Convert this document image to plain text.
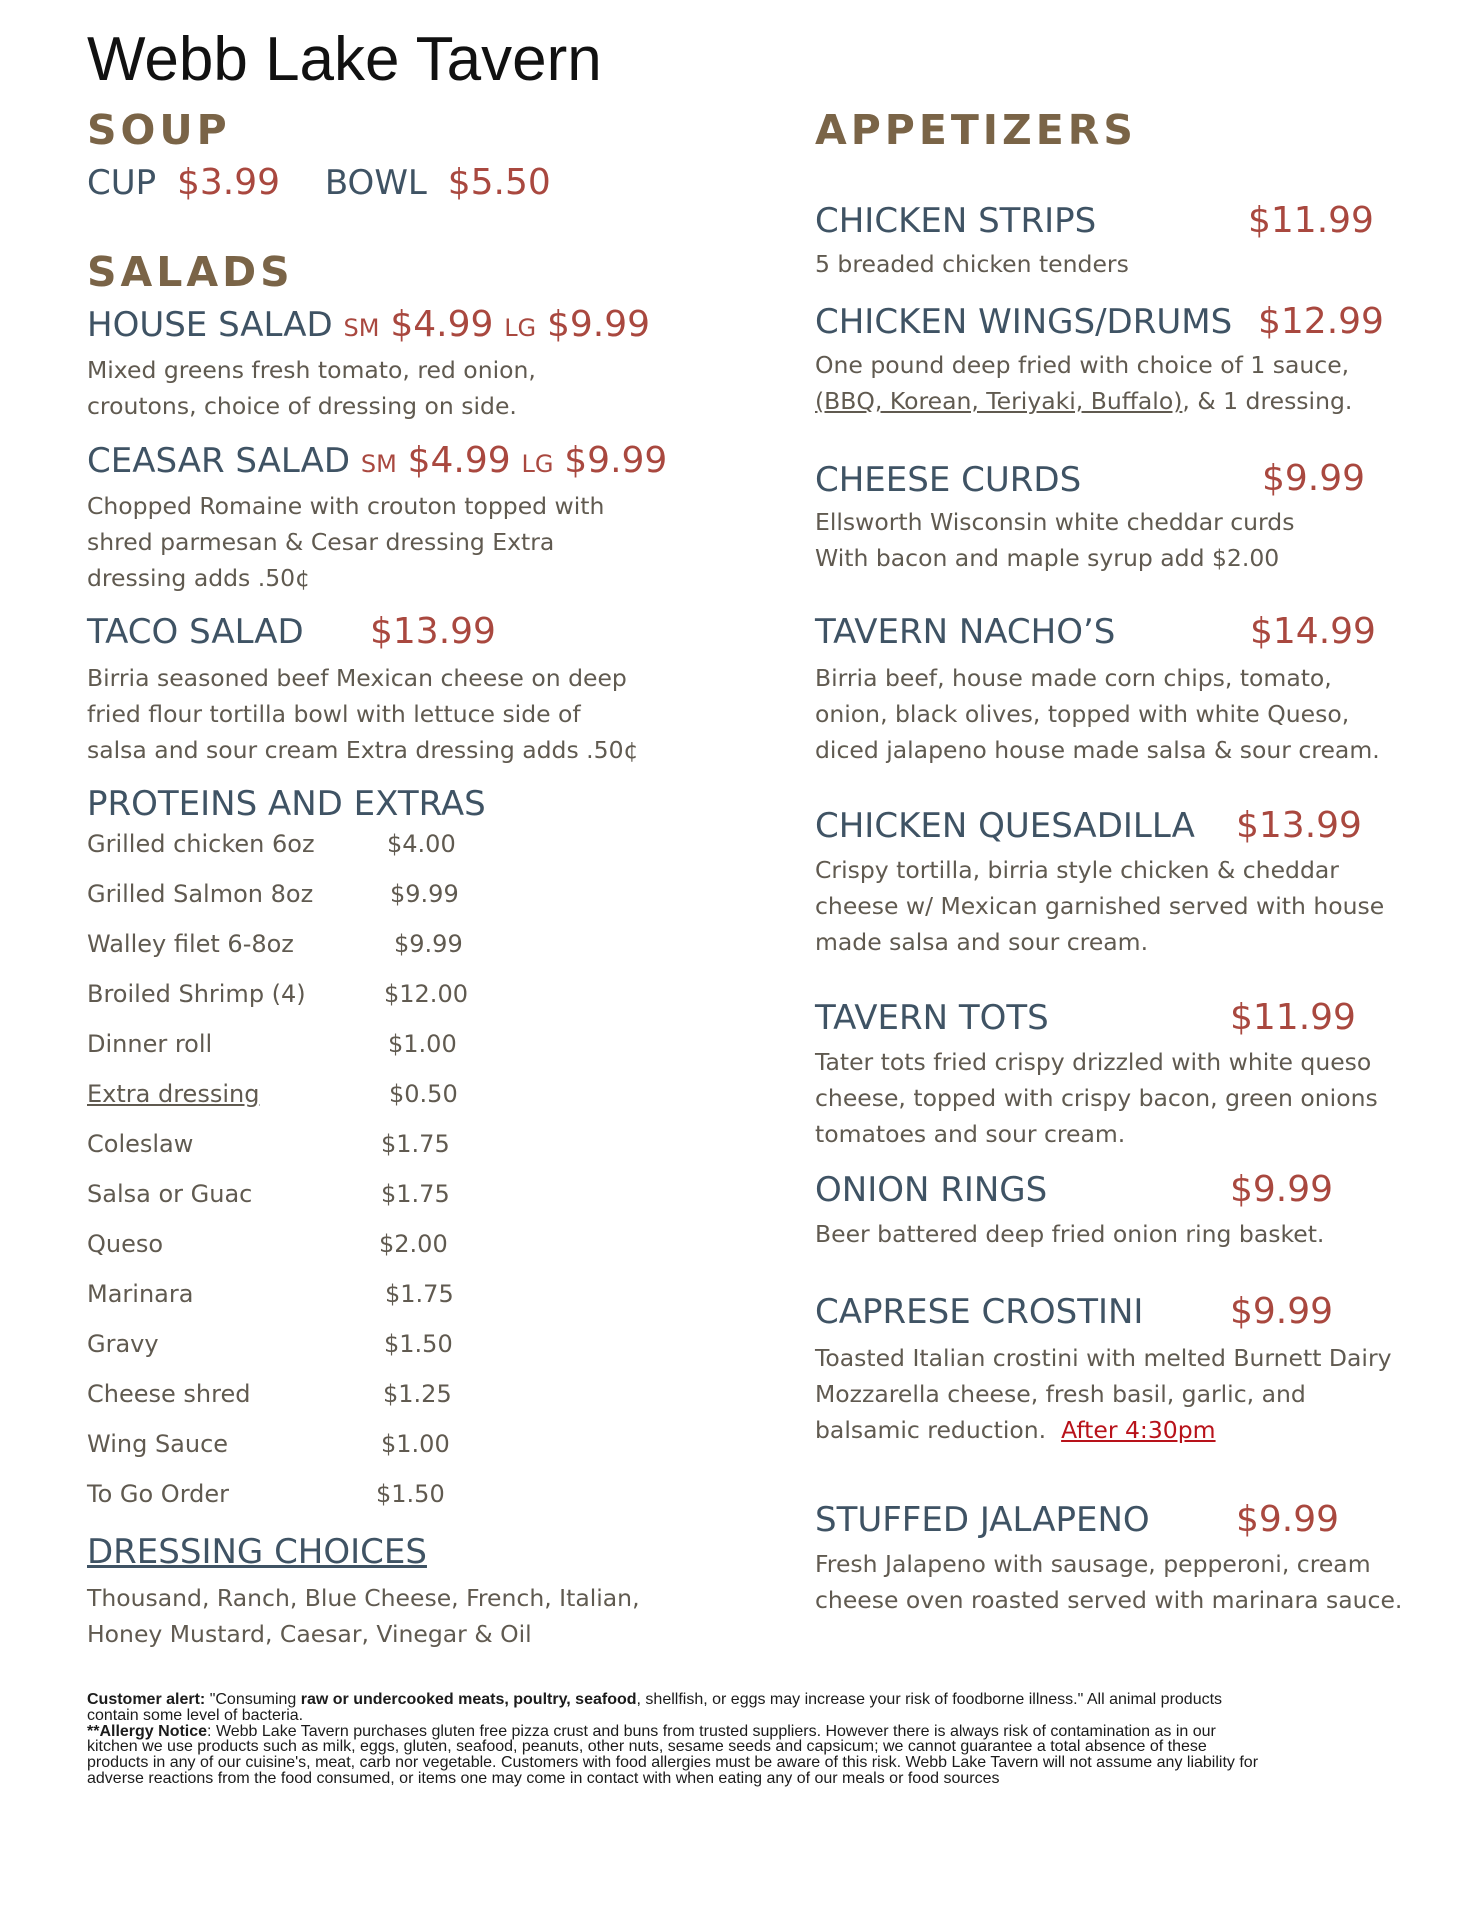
Webb Lake Tavern
SOUP
CUP $3.99 BOWL $5.50
SALADS
HOUSE SALAD SM $4.99 LG $9.99
Mixed greens fresh tomato, red onion,
croutons, choice of dressing on side.
CEASAR SALAD SM $4.99 LG $9.99
Chopped Romaine with crouton topped with
shred parmesan & Cesar dressing Extra
dressing adds .50¢
TACO SALAD $13.99
Birria seasoned beef Mexican cheese on deep
fried flour tortilla bowl with lettuce side of
salsa and sour cream Extra dressing adds .50¢
PROTEINS AND EXTRAS
Grilled chicken 6oz	$4.00
Grilled Salmon 8oz	$9.99
Walley filet 6-8oz	$9.99
Broiled Shrimp (4)	$12.00
Dinner roll	$1.00
Extra dressing	$0.50
Coleslaw	$1.75
Salsa or Guac	$1.75
Queso	$2.00
Marinara	$1.75
Gravy	$1.50
Cheese shred	$1.25
Wing Sauce	$1.00
To Go Order	$1.50
DRESSING CHOICES
Thousand, Ranch, Blue Cheese, French, Italian,
Honey Mustard, Caesar, Vinegar & Oil
APPETIZERS
CHICKEN STRIPS	$11.99
5 breaded chicken tenders
CHICKEN WINGS/DRUMS $12.99
One pound deep fried with choice of 1 sauce,
(BBQ, Korean, Teriyaki, Buffalo), & 1 dressing.
CHEESE CURDS	$9.99
Ellsworth Wisconsin white cheddar curds
With bacon and maple syrup add $2.00
TAVERN NACHO’S	$14.99
Birria beef, house made corn chips, tomato,
onion, black olives, topped with white Queso,
diced jalapeno house made salsa & sour cream.
CHICKEN QUESADILLA $13.99
Crispy tortilla, birria style chicken & cheddar
cheese w/ Mexican garnished served with house
made salsa and sour cream.
TAVERN TOTS	$11.99
Tater tots fried crispy drizzled with white queso
cheese, topped with crispy bacon, green onions
tomatoes and sour cream.
ONION RINGS	$9.99
Beer battered deep fried onion ring basket.
CAPRESE CROSTINI $9.99
Toasted Italian crostini with melted Burnett Dairy
Mozzarella cheese, fresh basil, garlic, and
balsamic reduction. After 4:30pm
STUFFED JALAPENO $9.99
Fresh Jalapeno with sausage, pepperoni, cream
cheese oven roasted served with marinara sauce.
Customer alert: "Consuming raw or undercooked meats, poultry, seafood, shellfish, or eggs may increase your risk of foodborne illness." All animal products contain some level of bacteria.
**Allergy Notice: Webb Lake Tavern purchases gluten free pizza crust and buns from trusted suppliers. However there is always risk of contamination as in our kitchen we use products such as milk, eggs, gluten, seafood, peanuts, other nuts, sesame seeds and capsicum; we cannot guarantee a total absence of these products in any of our cuisine's, meat, carb nor vegetable. Customers with food allergies must be aware of this risk. Webb Lake Tavern will not assume any liability for adverse reactions from the food consumed, or items one may come in contact with when eating any of our meals or food sources
